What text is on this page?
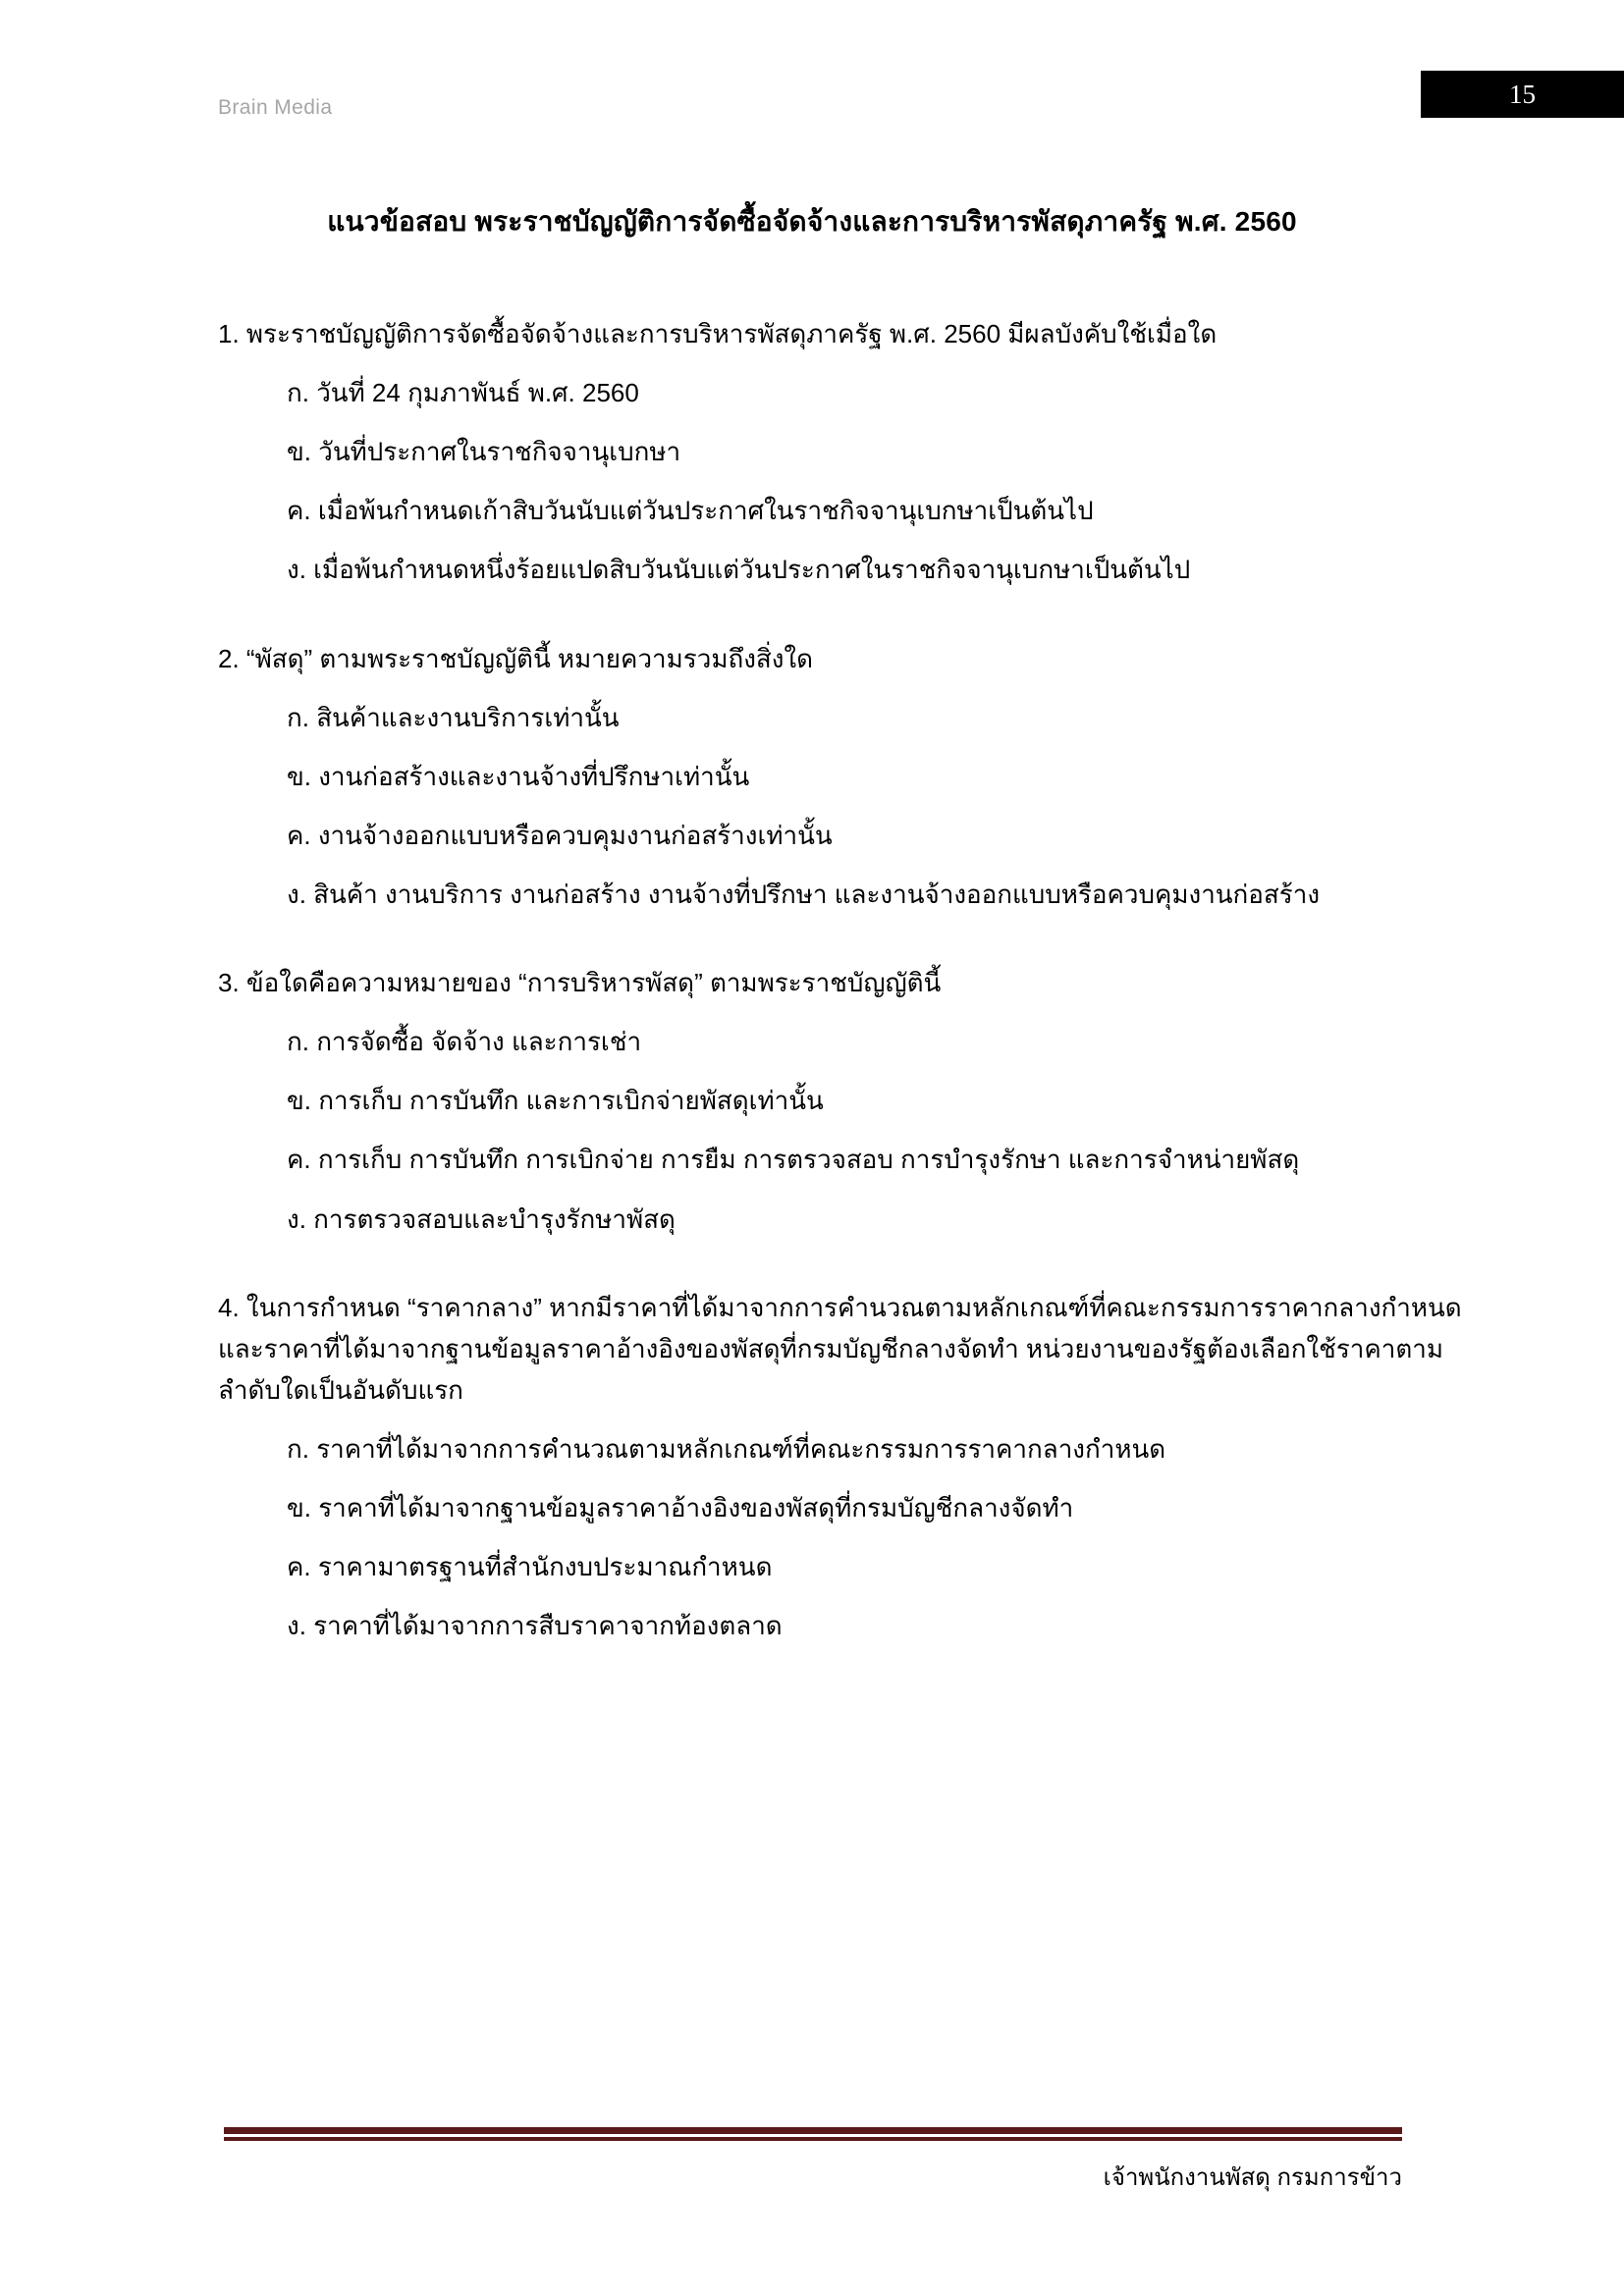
Brain Media	15
แนวข้อสอบ พระราชบัญญัติการจัดซื้อจัดจ้างและการบริหารพัสดุภาครัฐ พ.ศ. 2560

1. พระราชบัญญัติการจัดซื้อจัดจ้างและการบริหารพัสดุภาครัฐ พ.ศ. 2560 มีผลบังคับใช้เมื่อใด

ก. วันที่ 24 กุมภาพันธ์ พ.ศ. 2560
ข. วันที่ประกาศในราชกิจจานุเบกษา
ค. เมื่อพ้นกำหนดเก้าสิบวันนับแต่วันประกาศในราชกิจจานุเบกษาเป็นต้นไป
ง. เมื่อพ้นกำหนดหนึ่งร้อยแปดสิบวันนับแต่วันประกาศในราชกิจจานุเบกษาเป็นต้นไป

2. “พัสดุ” ตามพระราชบัญญัตินี้ หมายความรวมถึงสิ่งใด

ก. สินค้าและงานบริการเท่านั้น
ข. งานก่อสร้างและงานจ้างที่ปรึกษาเท่านั้น
ค. งานจ้างออกแบบหรือควบคุมงานก่อสร้างเท่านั้น
ง. สินค้า งานบริการ งานก่อสร้าง งานจ้างที่ปรึกษา และงานจ้างออกแบบหรือควบคุมงานก่อสร้าง

3. ข้อใดคือความหมายของ “การบริหารพัสดุ” ตามพระราชบัญญัตินี้

ก. การจัดซื้อ จัดจ้าง และการเช่า
ข. การเก็บ การบันทึก และการเบิกจ่ายพัสดุเท่านั้น
ค. การเก็บ การบันทึก การเบิกจ่าย การยืม การตรวจสอบ การบำรุงรักษา และการจำหน่ายพัสดุ
ง. การตรวจสอบและบำรุงรักษาพัสดุ

4. ในการกำหนด “ราคากลาง” หากมีราคาที่ได้มาจากการคำนวณตามหลักเกณฑ์ที่คณะกรรมการราคากลางกำหนด และราคาที่ได้มาจากฐานข้อมูลราคาอ้างอิงของพัสดุที่กรมบัญชีกลางจัดทำ หน่วยงานของรัฐต้องเลือกใช้ราคาตามลำดับใดเป็นอันดับแรก

ก. ราคาที่ได้มาจากการคำนวณตามหลักเกณฑ์ที่คณะกรรมการราคากลางกำหนด
ข. ราคาที่ได้มาจากฐานข้อมูลราคาอ้างอิงของพัสดุที่กรมบัญชีกลางจัดทำ
ค. ราคามาตรฐานที่สำนักงบประมาณกำหนด
ง. ราคาที่ได้มาจากการสืบราคาจากท้องตลาด
เจ้าพนักงานพัสดุ กรมการข้าว
